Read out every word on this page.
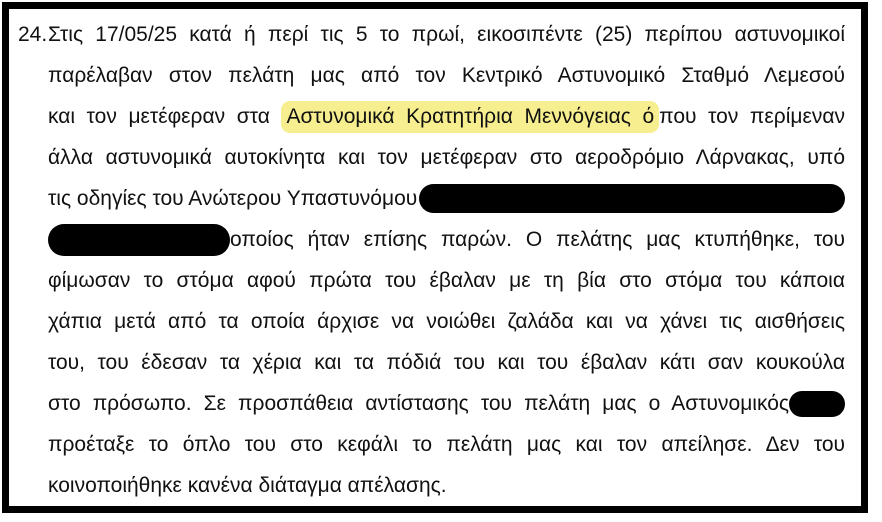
24. Στις 17/05/25 κατά ή περί τις 5 το πρωί, εικοσιπέντε (25) περίπου αστυνομικοί
παρέλαβαν στον πελάτη μας από τον Κεντρικό Αστυνομικό Σταθμό Λεμεσού
και τον μετέφεραν στα Αστυνομικά Κρατητήρια Μεννόγειας ό που τον περίμεναν
άλλα αστυνομικά αυτοκίνητα και τον μετέφεραν στο αεροδρόμιο Λάρνακας, υπό
τις οδηγίες του Ανώτερου Υπαστυνόμου
οποίος ήταν επίσης παρών. Ο πελάτης μας κτυπήθηκε, του
φίμωσαν το στόμα αφού πρώτα του έβαλαν με τη βία στο στόμα του κάποια
χάπια μετά από τα οποία άρχισε να νοιώθει ζαλάδα και να χάνει τις αισθήσεις
του, του έδεσαν τα χέρια και τα πόδιά του και του έβαλαν κάτι σαν κουκούλα
στο πρόσωπο. Σε προσπάθεια αντίστασης του πελάτη μας ο Αστυνομικός
προέταξε το όπλο του στο κεφάλι το πελάτη μας και τον απείλησε. Δεν του
κοινοποιήθηκε κανένα διάταγμα απέλασης.
